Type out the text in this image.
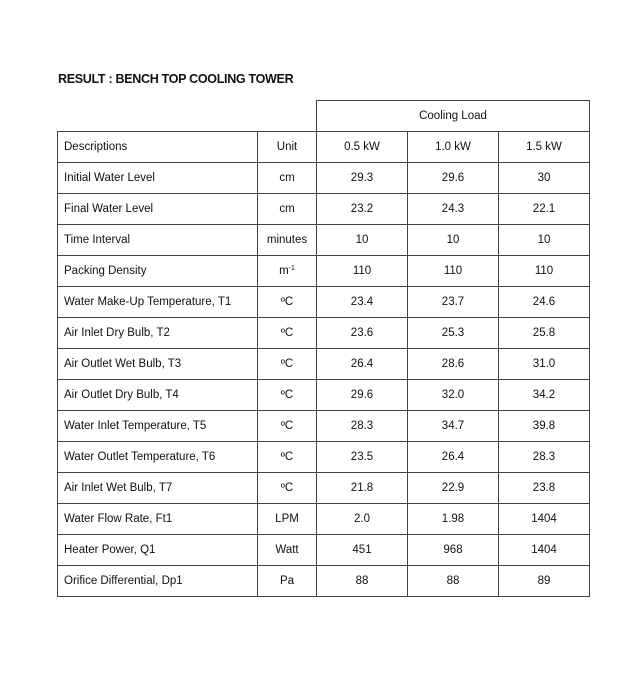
RESULT : BENCH TOP COOLING TOWER
		Cooling Load		
Descriptions	Unit	0.5 kW	1.0 kW	1.5 kW
Initial Water Level	cm	29.3	29.6	30
Final Water Level	cm	23.2	24.3	22.1
Time Interval	minutes	10	10	10
Packing Density	$m^{-1}$	110	110	110
Water Make-Up Temperature, T1	ºC	23.4	23.7	24.6
Air Inlet Dry Bulb, T2	ºC	23.6	25.3	25.8
Air Outlet Wet Bulb, T3	ºC	26.4	28.6	31.0
Air Outlet Dry Bulb, T4	ºC	29.6	32.0	34.2
Water Inlet Temperature, T5	ºC	28.3	34.7	39.8
Water Outlet Temperature, T6	ºC	23.5	26.4	28.3
Air Inlet Wet Bulb, T7	ºC	21.8	22.9	23.8
Water Flow Rate, Ft1	LPM	2.0	1.98	1404
Heater Power, Q1	Watt	451	968	1404
Orifice Differential, Dp1	Pa	88	88	89
